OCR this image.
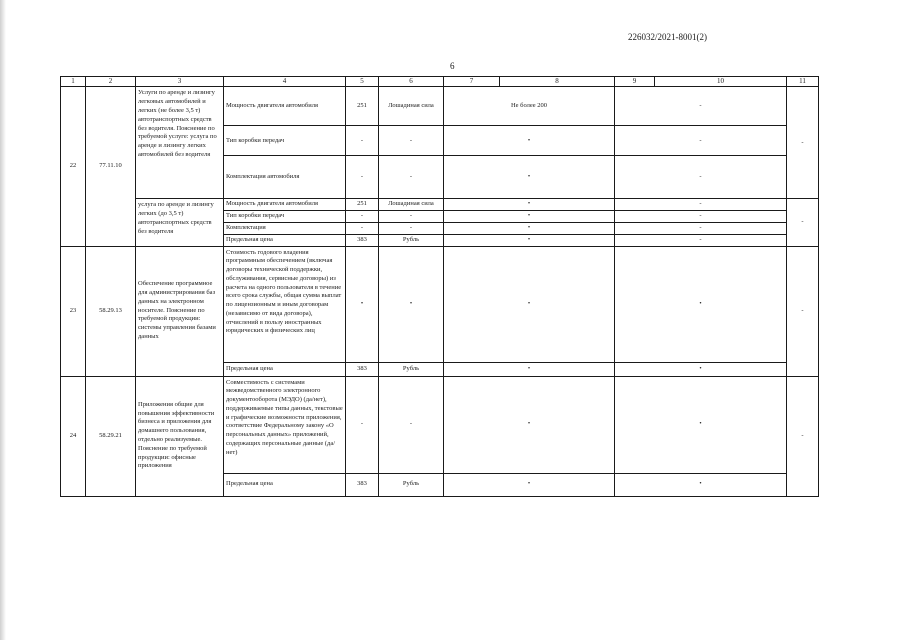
226032/2021-8001(2)
6
1	2	3	4	5	6	7	8	9	10	11
22	77.11.10	Услуги по аренде и лизингу легковых автомобилей и легких (не более 3,5 т) автотранспортных средств без водителя. Пояснение по требуемой услуге: услуга по аренде и лизингу легких автомобилей без водителя	Мощность двигателя автомобиля	251	Лошадиная сила	Не более 200		-		-
			Тип коробки передач	-	-	•		-		
			Комплектация автомобиля	-	-	•		-		
		услуга по аренде и лизингу легких (до 3,5 т) автотранспортных средств без водителя	Мощность двигателя автомобиля	251	Лошадиная сила	•		-		-
			Тип коробки передач	-	-	•		-		
			Комплектация	-	-	•		-		
			Предельная цена	383	Рубль	•		-		
23	58.29.13	Обеспечение программное для администрирования баз данных на электронном носителе. Пояснение по требуемой продукции: системы управления базами данных	Стоимость годового владения программным обеспечением (включая договоры технической поддержки, обслуживания, сервисные договоры) из расчета на одного пользователя в течение всего срока службы, общая сумма выплат по лицензионным и иным договорам (независимо от вида договора), отчислений в пользу иностранных юридических и физических лиц	•	•	•		•		-
			Предельная цена	383	Рубль	•		•		
24	58.29.21	Приложения общие для повышения эффективности бизнеса и приложения для домашнего пользования, отдельно реализуемые. Пояснение по требуемой продукции: офисные приложения	Совместимость с системами межведомственного электронного документооборота (МЭДО) (да/нет), поддерживаемые типы данных, текстовые и графические возможности приложения, соответствие Федеральному закону «О персональных данных» приложений, содержащих персональные данные (да/нет)	-	-	•		•		-
			Предельная цена	383	Рубль	•		•		
